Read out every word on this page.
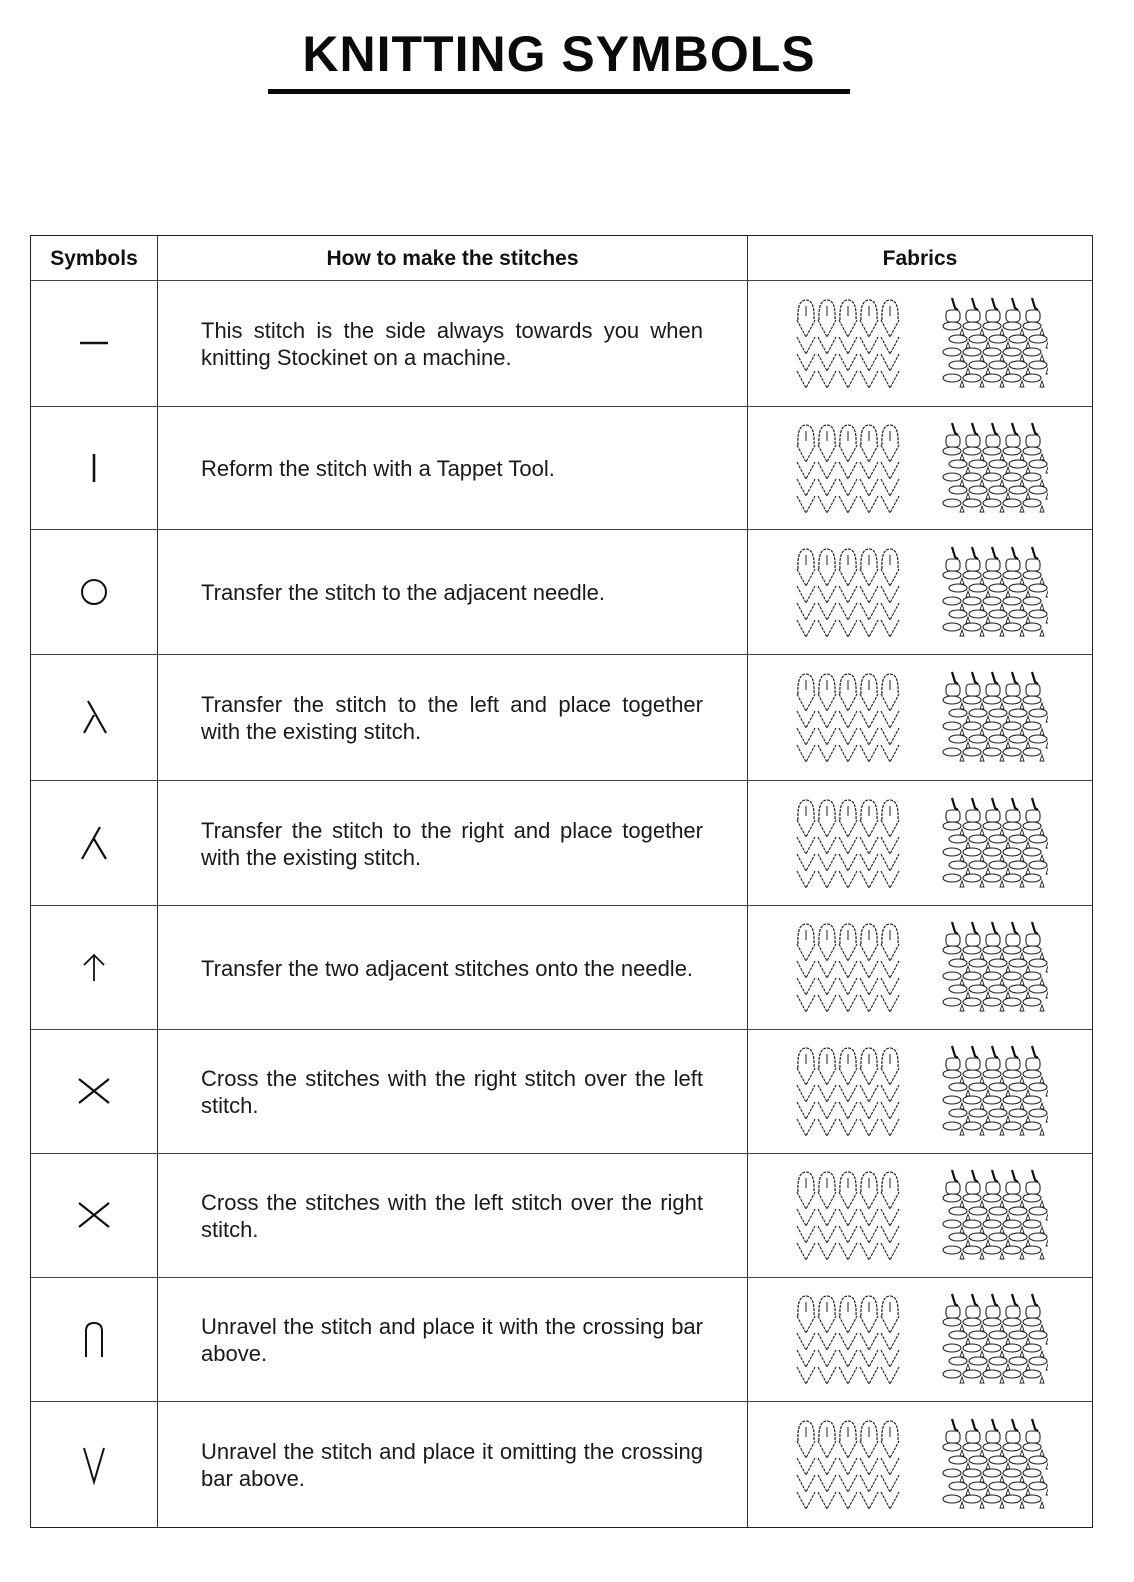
KNITTING SYMBOLS
Symbols	How to make the stitches	Fabrics
This stitch is the side always towards you when knitting Stockinet on a machine.
Reform the stitch with a Tappet Tool.
Transfer the stitch to the adjacent needle.
Transfer the stitch to the left and place together with the existing stitch.
Transfer the stitch to the right and place together with the existing stitch.
Transfer the two adjacent stitches onto the needle.
Cross the stitches with the right stitch over the left stitch.
Cross the stitches with the left stitch over the right stitch.
Unravel the stitch and place it with the crossing bar above.
Unravel the stitch and place it omitting the crossing bar above.
